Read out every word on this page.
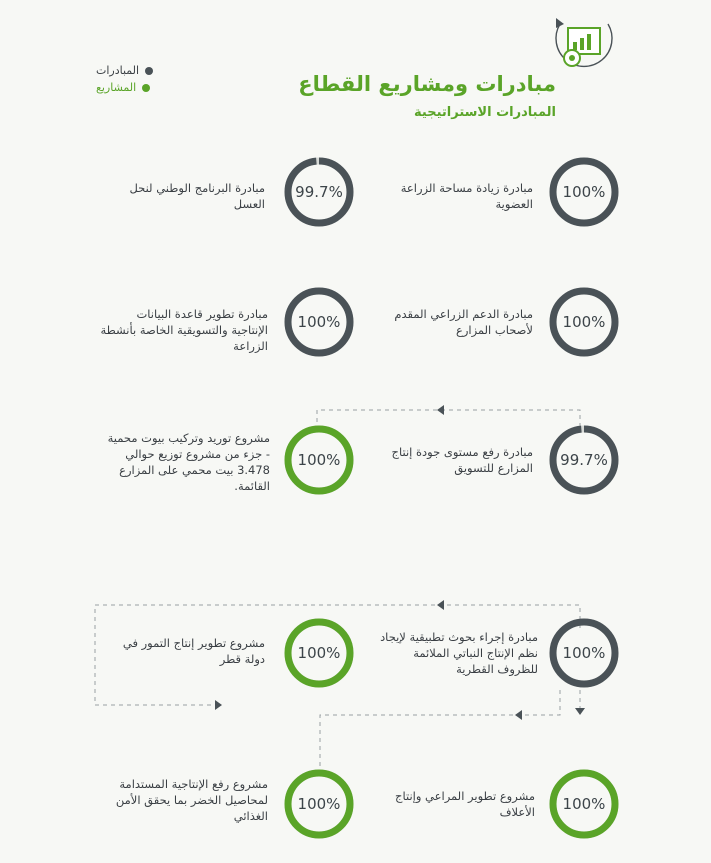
مبادرات ومشاريع القطاع
المبادرات الاستراتيجية
المبادرات
المشاريع
مبادرة زيادة مساحة الزراعة العضوية
100%
مبادرة البرنامج الوطني لنحل العسل
99.7%
مبادرة الدعم الزراعي المقدم لأصحاب المزارع	100%
مبادرة تطوير قاعدة البيانات الإنتاجية والتسويقية الخاصة بأنشطة الزراعة
100%
مبادرة رفع مستوى جودة إنتاج المزارع للتسويق	99.7%
مشروع توريد وتركيب بيوت محمية - جزء من مشروع توزيع حوالي 3.478 بيت محمي على المزارع القائمة.
100%
مبادرة إجراء بحوث تطبيقية لإيجاد نظم الإنتاج النباتي الملائمة للظروف القطرية
100%
مشروع تطوير إنتاج التمور في دولة قطر	100%
مشروع تطوير المراعي وإنتاج الأعلاف	100%
مشروع رفع الإنتاجية المستدامة لمحاصيل الخضر بما يحقق الأمن الغذائي
100%
